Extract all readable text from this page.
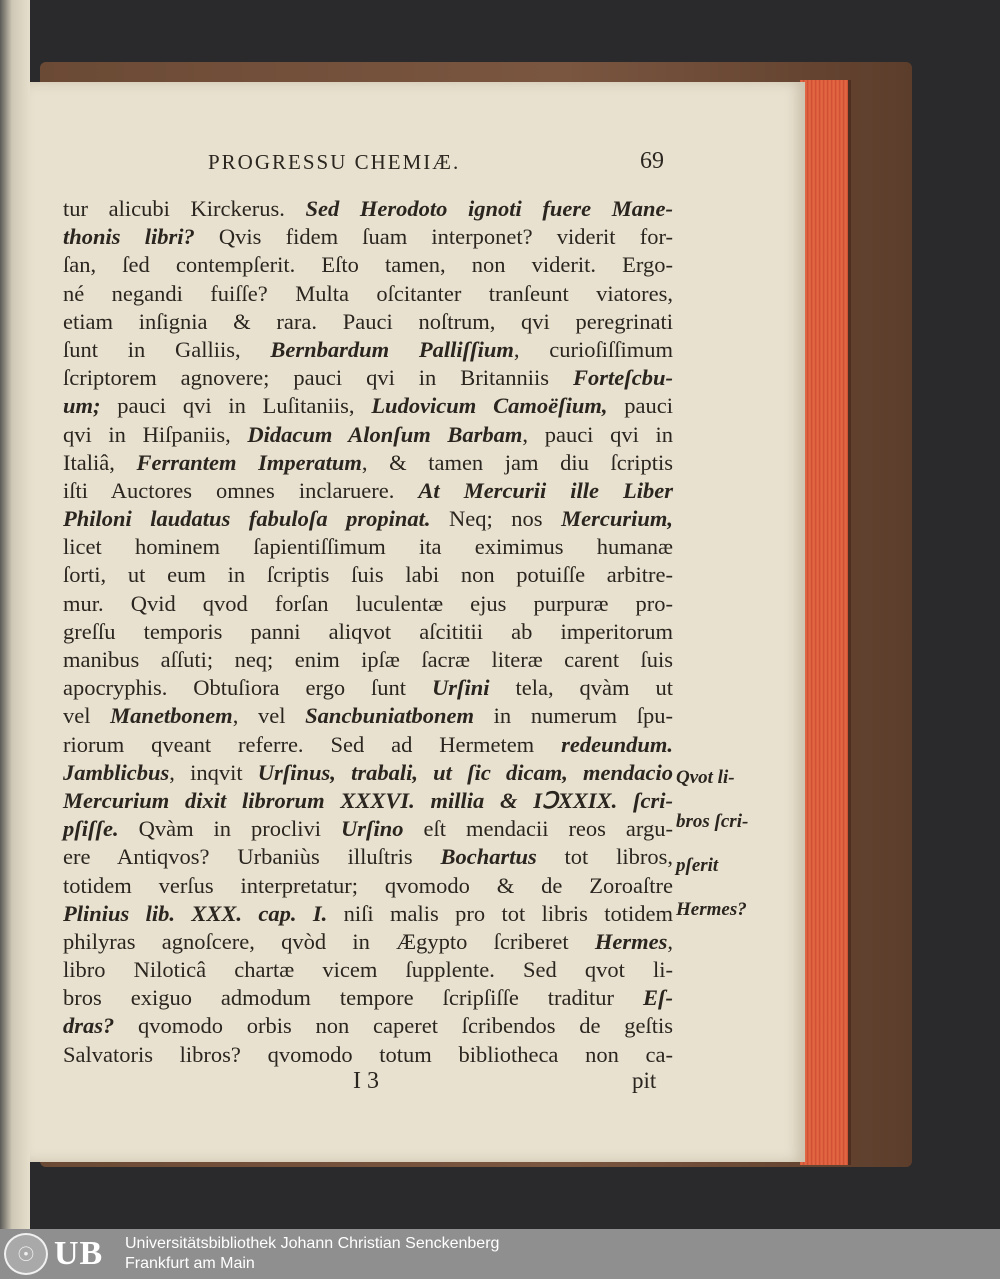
PROGRESSU CHEMIÆ.	69
tur alicubi Kirckerus. Sed Herodoto ignoti fuere Mane-
thonis libri? Qvis fidem ſuam interponet? viderit for-
ſan, ſed contempſerit. Eſto tamen, non viderit. Ergo-
né negandi fuiſſe? Multa oſcitanter tranſeunt viatores,
etiam inſignia & rara. Pauci noſtrum, qvi peregrinati
ſunt in Galliis, Bernbardum Palliſſium, curioſiſſimum
ſcriptorem agnovere; pauci qvi in Britanniis Forteſcbu-
um; pauci qvi in Luſitaniis, Ludovicum Camoëſium, pauci
qvi in Hiſpaniis, Didacum Alonſum Barbam, pauci qvi in
Italiâ, Ferrantem Imperatum, & tamen jam diu ſcriptis
iſti Auctores omnes inclaruere. At Mercurii ille Liber
Philoni laudatus fabuloſa propinat. Neq; nos Mercurium,
licet hominem ſapientiſſimum ita eximimus humanæ
ſorti, ut eum in ſcriptis ſuis labi non potuiſſe arbitre-
mur. Qvid qvod forſan luculentæ ejus purpuræ pro-
greſſu temporis panni aliqvot aſcititii ab imperitorum
manibus aſſuti; neq; enim ipſæ ſacræ literæ carent ſuis
apocryphis. Obtuſiora ergo ſunt Urſini tela, qvàm ut
vel Manetbonem, vel Sancbuniatbonem in numerum ſpu-
riorum qveant referre. Sed ad Hermetem redeundum.
Jamblicbus, inqvit Urſinus, trabali, ut ſic dicam, mendacio
Mercurium dixit librorum XXXVI. millia & IↃXXIX. ſcri-
pſiſſe. Qvàm in proclivi Urſino eſt mendacii reos argu-
ere Antiqvos? Urbaniùs illuſtris Bochartus tot libros,
totidem verſus interpretatur; qvomodo & de Zoroaſtre
Plinius lib. XXX. cap. I. niſi malis pro tot libris totidem
philyras agnoſcere, qvòd in Ægypto ſcriberet Hermes,
libro Niloticâ chartæ vicem ſupplente. Sed qvot li-
bros exiguo admodum tempore ſcripſiſſe traditur Eſ-
dras? qvomodo orbis non caperet ſcribendos de geſtis
Salvatoris libros? qvomodo totum bibliotheca non ca-
Qvot li-
bros ſcri-
pſerit
Hermes?
I 3	pit
☉ UB Universitätsbibliothek Johann Christian Senckenberg
Frankfurt am Main
